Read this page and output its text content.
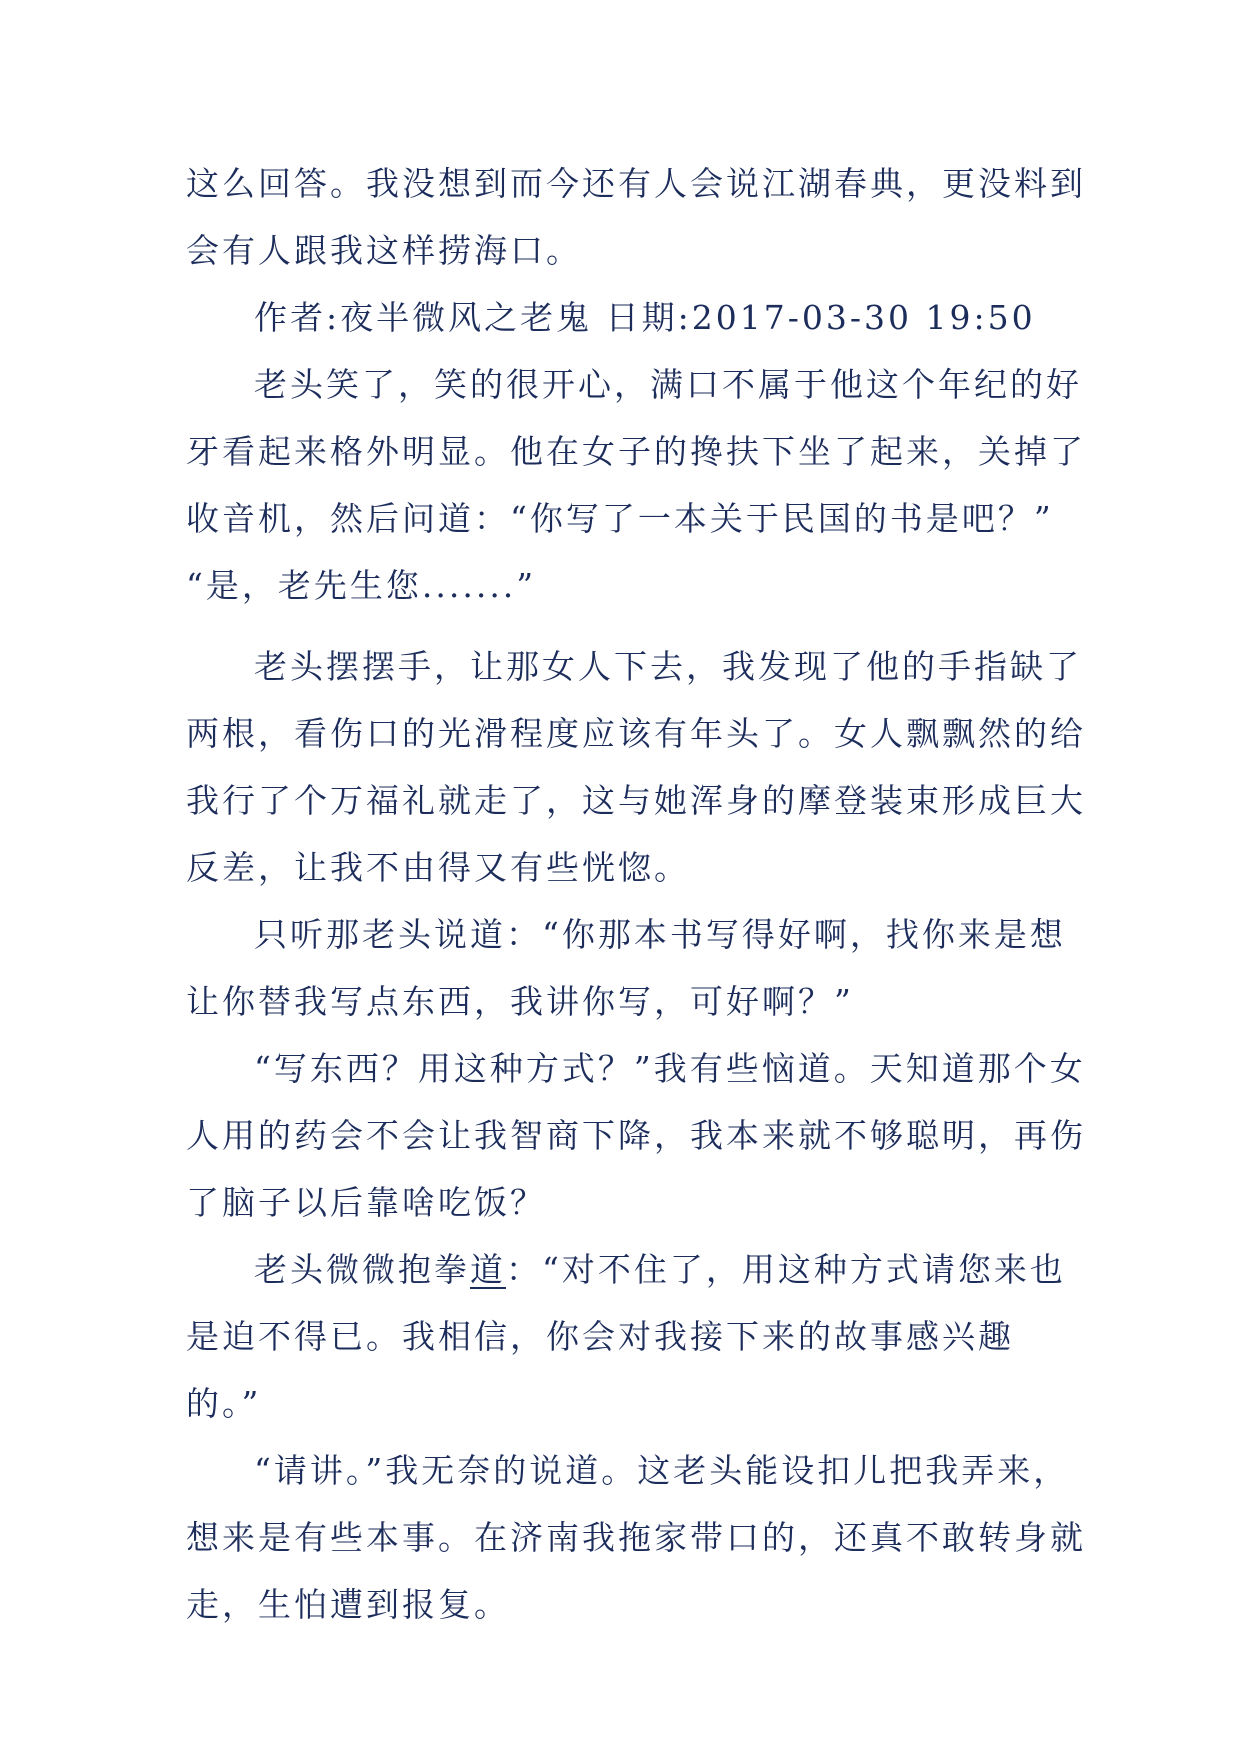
这么回答。我没想到而今还有人会说江湖春典，更没料到会有人跟我这样捞海口。

作者:夜半微风之老鬼 日期:2017-03-30 19:50

老头笑了，笑的很开心，满口不属于他这个年纪的好牙看起来格外明显。他在女子的搀扶下坐了起来，关掉了收音机，然后问道：“你写了一本关于民国的书是吧？” “是，老先生您.......”

老头摆摆手，让那女人下去，我发现了他的手指缺了两根，看伤口的光滑程度应该有年头了。女人飘飘然的给我行了个万福礼就走了，这与她浑身的摩登装束形成巨大反差，让我不由得又有些恍惚。

只听那老头说道：“你那本书写得好啊，找你来是想让你替我写点东西，我讲你写，可好啊？”

“写东西？用这种方式？”我有些恼道。天知道那个女人用的药会不会让我智商下降，我本来就不够聪明，再伤了脑子以后靠啥吃饭？

老头微微抱拳道：“对不住了，用这种方式请您来也是迫不得已。我相信，你会对我接下来的故事感兴趣的。”

“请讲。”我无奈的说道。这老头能设扣儿把我弄来，
想来是有些本事。在济南我拖家带口的，还真不敢转身就走，生怕遭到报复。
